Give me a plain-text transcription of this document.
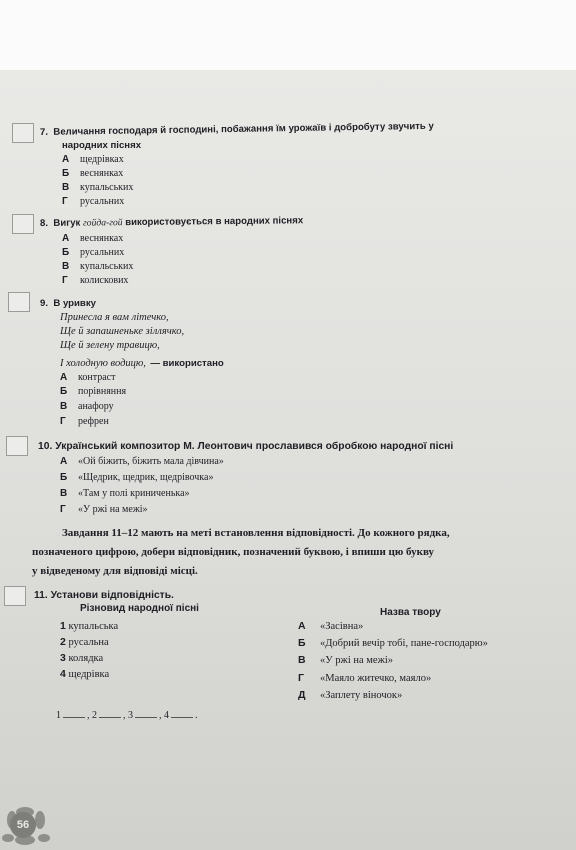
7. Величання господаря й господині, побажання їм урожаїв і добробуту звучить у
народних піснях
А щедрівках
Б веснянках
В купальських
Г русальних
8. Вигук гойда-гой використовується в народних піснях
А веснянках
Б русальних
В купальських
Г колискових
9. В уривку
Принесла я вам літечко,
Ще й запашненьке зіллячко,
Ще й зелену травицю,
І холодную водицю, — використано
А контраст
Б порівняння
В анафору
Г рефрен
10. Український композитор М. Леонтович прославився обробкою народної пісні
А «Ой біжить, біжить мала дівчина»
Б «Щедрик, щедрик, щедрівочка»
В «Там у полі криниченька»
Г «У ржі на межі»
Завдання 11–12 мають на меті встановлення відповідності. До кожного рядка,
позначеного цифрою, добери відповідник, позначений буквою, і впиши цю букву
у відведеному для відповіді місці.
11. Установи відповідність.
Різновид народної пісні	Назва твору
1 купальська
2 русальна
3 колядка
4 щедрівка
А «Засівна»
Б «Добрий вечір тобі, пане-господарю»
В «У ржі на межі»
Г «Маяло житечко, маяло»
Д «Заплету віночок»
1	, 2	, 3	, 4	.
56
